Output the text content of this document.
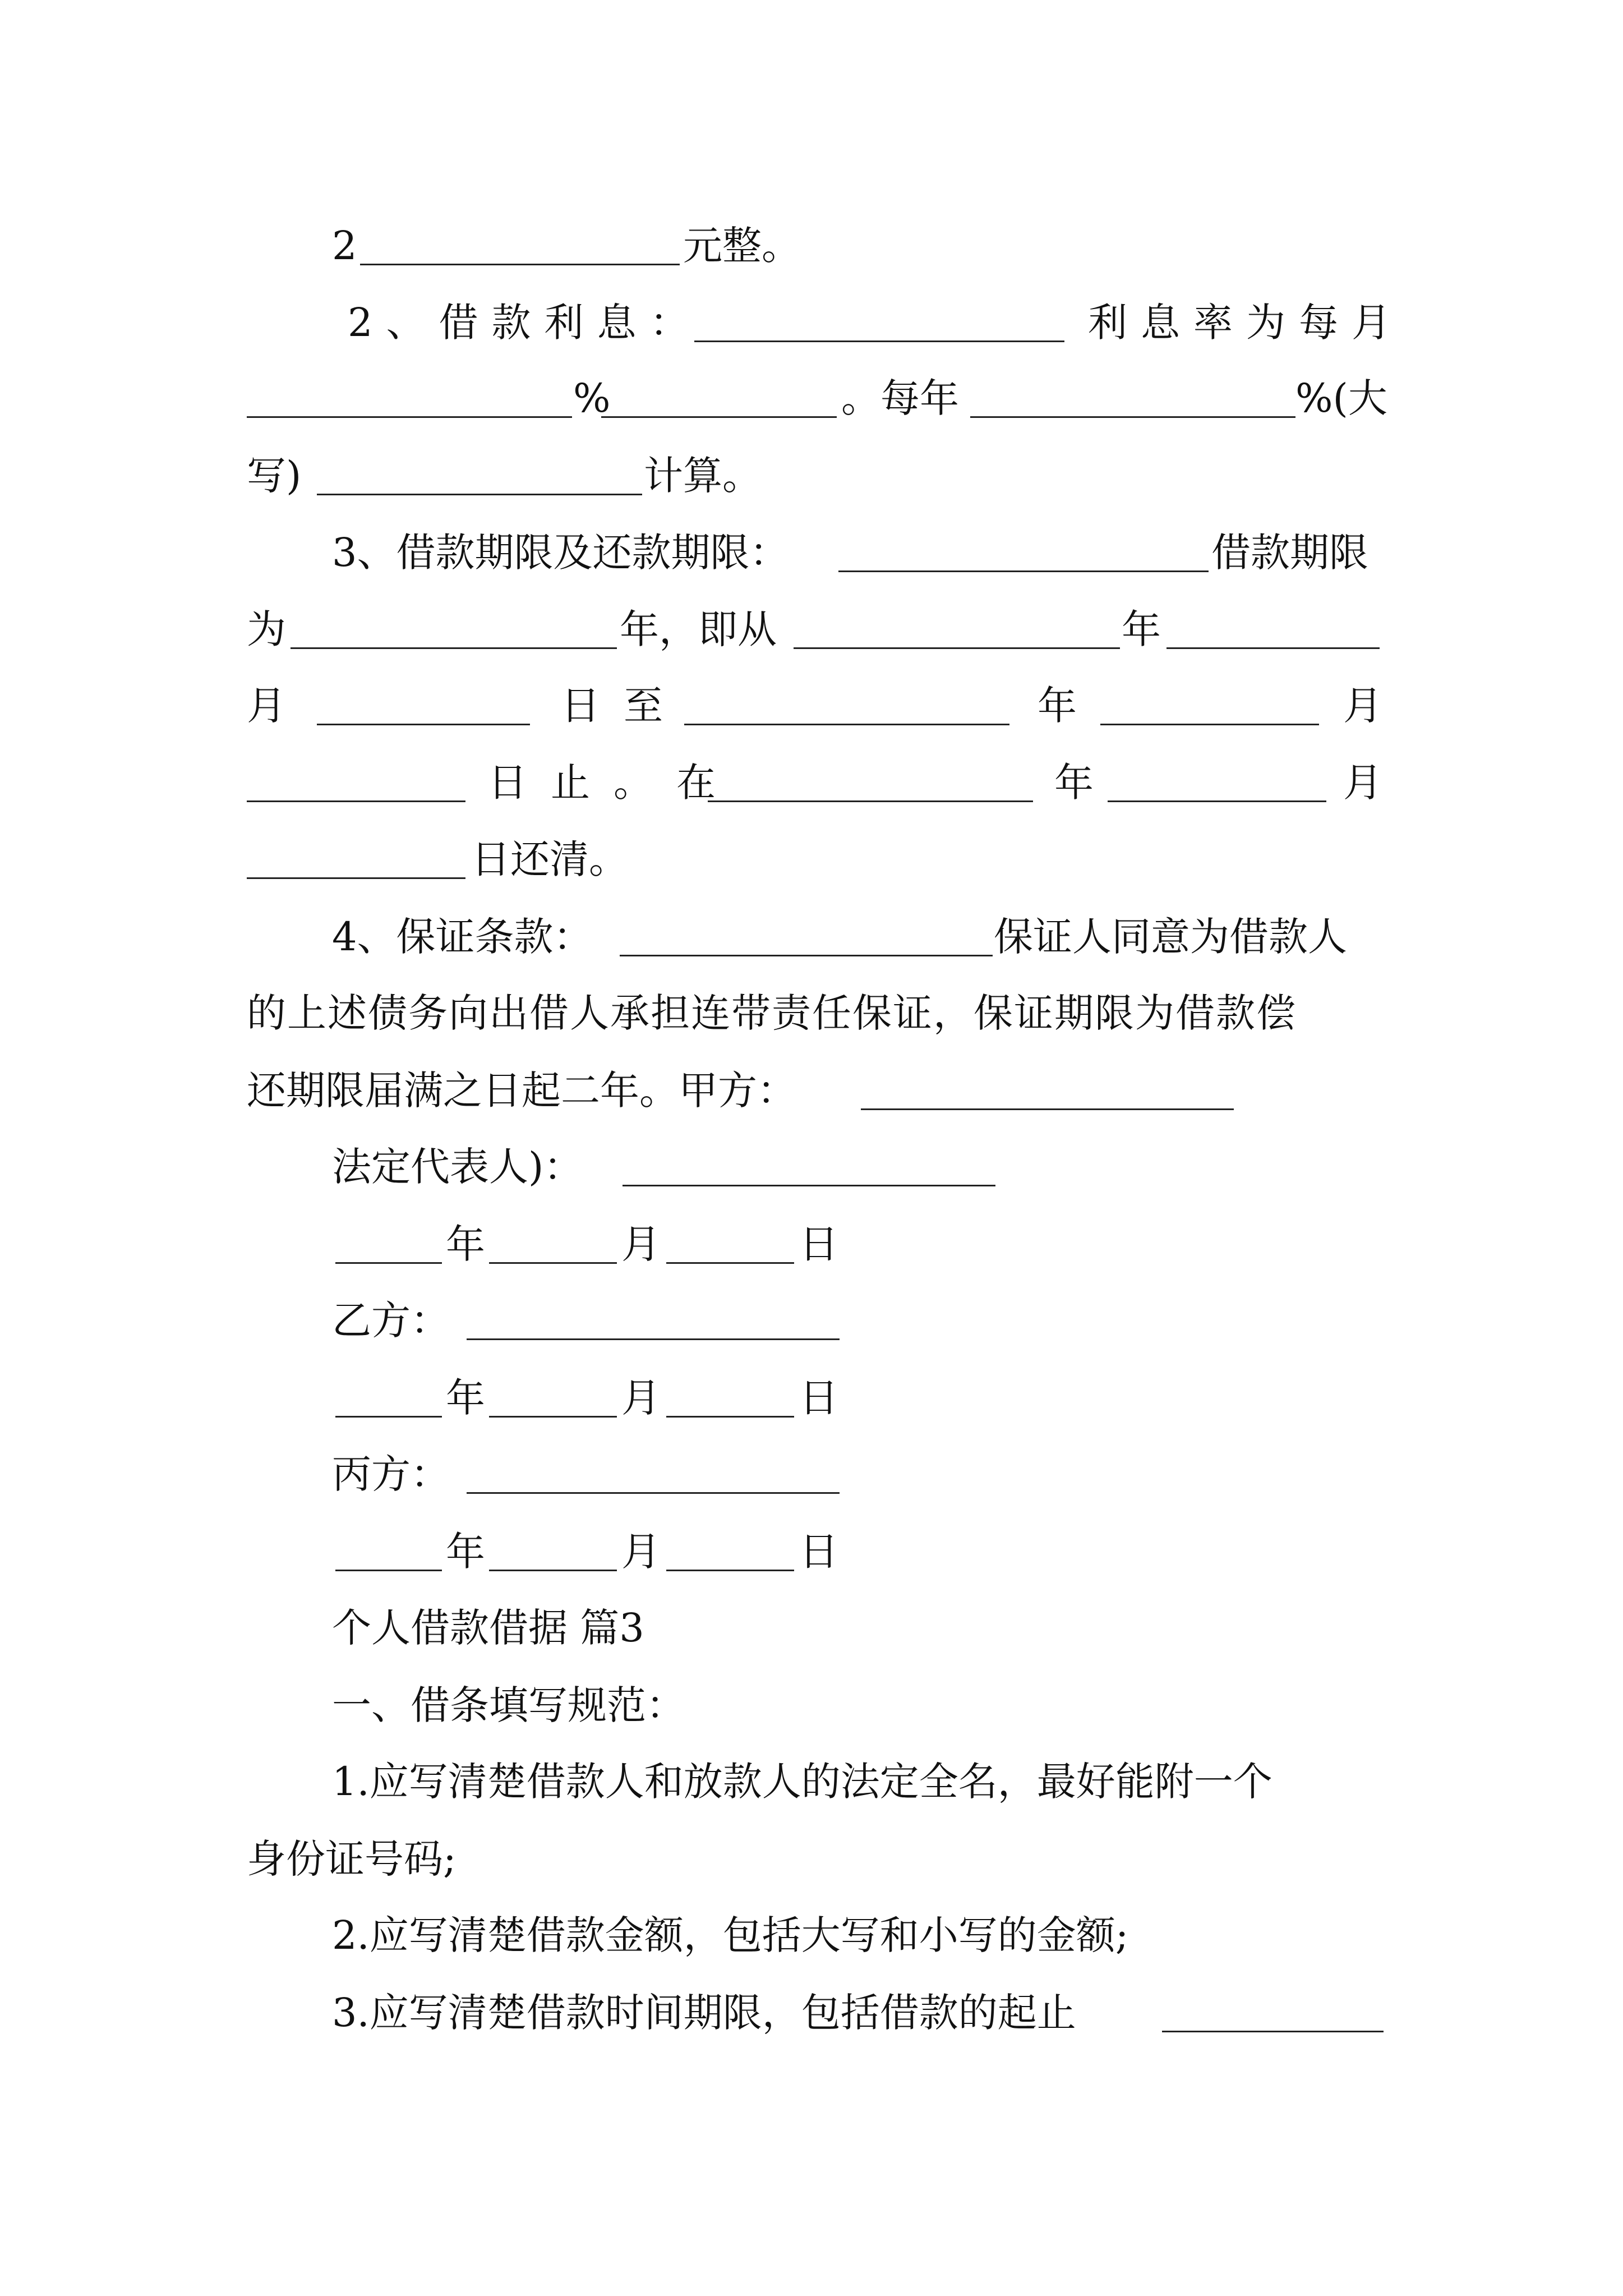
2	元整。
2、借款利息：	利息率为每月
%	。每年	%(大
写)	计算。
3、借款期限及还款期限：	借款期限
为	年，即从	年
月	日至	年	月
日止。在	年	月
日还清。
4、保证条款：	保证人同意为借款人
的上述债务向出借人承担连带责任保证，保证期限为借款偿
还期限届满之日起二年。甲方：
法定代表人)：
年	月	日
乙方：
年	月	日
丙方：
年	月	日
个人借款借据 篇3
一、借条填写规范：
1.应写清楚借款人和放款人的法定全名，最好能附一个
身份证号码;
2.应写清楚借款金额，包括大写和小写的金额;
3.应写清楚借款时间期限，包括借款的起止
